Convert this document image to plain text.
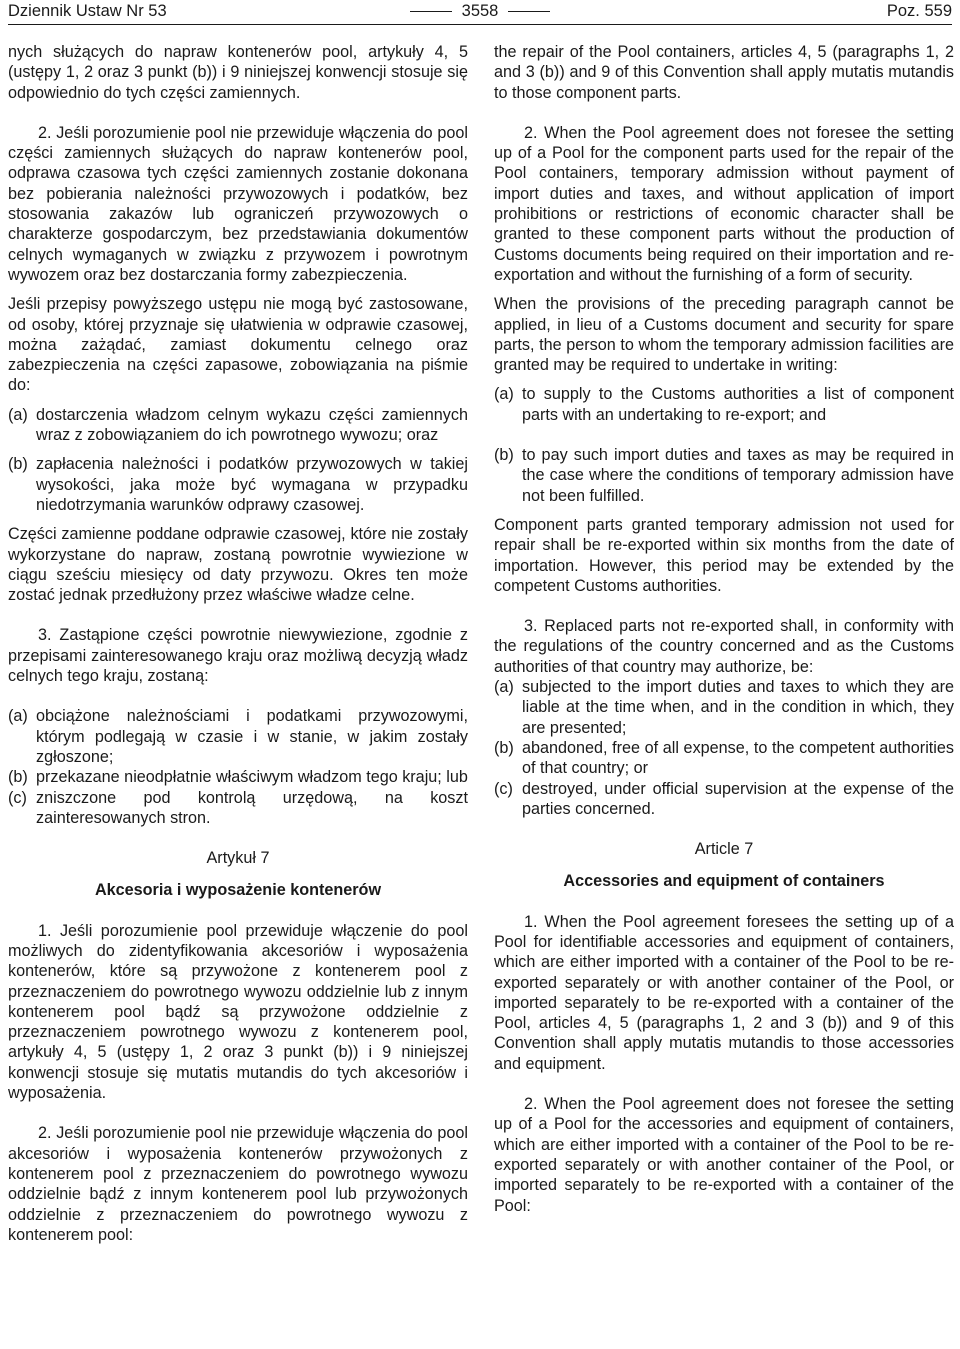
Dziennik Ustaw Nr 53	3558	Poz. 559

nych służących do napraw kontenerów pool, artykuły 4, 5 (ustępy 1, 2 oraz 3 punkt (b)) i 9 niniejszej konwencji stosuje się odpowiednio do tych części zamiennych.

2. Jeśli porozumienie pool nie przewiduje włączenia do pool części zamiennych służących do napraw kontenerów pool, odprawa czasowa tych części zamiennych zostanie dokonana bez pobierania należności przywozowych i podatków, bez stosowania zakazów lub ograniczeń przywozowych o charakterze gospodarczym, bez przedstawiania dokumentów celnych wymaganych w związku z przywozem i powrotnym wywozem oraz bez dostarczania formy zabezpieczenia.

Jeśli przepisy powyższego ustępu nie mogą być zastosowane, od osoby, której przyznaje się ułatwienia w odprawie czasowej, można zażądać, zamiast dokumentu celnego oraz zabezpieczenia na części zapasowe, zobowiązania na piśmie do:

(a) dostarczenia władzom celnym wykazu części zamiennych wraz z zobowiązaniem do ich powrotnego wywozu; oraz
(b) zapłacenia należności i podatków przywozowych w takiej wysokości, jaka może być wymagana w przypadku niedotrzymania warunków odprawy czasowej.

Części zamienne poddane odprawie czasowej, które nie zostały wykorzystane do napraw, zostaną powrotnie wywiezione w ciągu sześciu miesięcy od daty przywozu. Okres ten może zostać jednak przedłużony przez właściwe władze celne.

3. Zastąpione części powrotnie niewywiezione, zgodnie z przepisami zainteresowanego kraju oraz możliwą decyzją władz celnych tego kraju, zostaną:

(a) obciążone należnościami i podatkami przywozowymi, którym podlegają w czasie i w stanie, w jakim zostały zgłoszone;
(b) przekazane nieodpłatnie właściwym władzom tego kraju; lub
(c) zniszczone pod kontrolą urzędową, na koszt zainteresowanych stron.

Artykuł 7

Akcesoria i wyposażenie kontenerów

1. Jeśli porozumienie pool przewiduje włączenie do pool możliwych do zidentyfikowania akcesoriów i wyposażenia kontenerów, które są przywożone z kontenerem pool z przeznaczeniem do powrotnego wywozu oddzielnie lub z innym kontenerem pool bądź są przywożone oddzielnie z przeznaczeniem powrotnego wywozu z kontenerem pool, artykuły 4, 5 (ustępy 1, 2 oraz 3 punkt (b)) i 9 niniejszej konwencji stosuje się mutatis mutandis do tych akcesoriów i wyposażenia.

2. Jeśli porozumienie pool nie przewiduje włączenia do pool akcesoriów i wyposażenia kontenerów przywożonych z kontenerem pool z przeznaczeniem do powrotnego wywozu oddzielnie bądź z innym kontenerem pool lub przywożonych oddzielnie z przeznaczeniem do powrotnego wywozu z kontenerem pool:

the repair of the Pool containers, articles 4, 5 (paragraphs 1, 2 and 3 (b)) and 9 of this Convention shall apply mutatis mutandis to those component parts.

2. When the Pool agreement does not foresee the setting up of a Pool for the component parts used for the repair of the Pool containers, temporary admission without payment of import duties and taxes, and without application of import prohibitions or restrictions of economic character shall be granted to these component parts without the production of Customs documents being required on their importation and re-exportation and without the furnishing of a form of security.

When the provisions of the preceding paragraph cannot be applied, in lieu of a Customs document and security for spare parts, the person to whom the temporary admission facilities are granted may be required to undertake in writing:

(a) to supply to the Customs authorities a list of component parts with an undertaking to re-export; and
(b) to pay such import duties and taxes as may be required in the case where the conditions of temporary admission have not been fulfilled.

Component parts granted temporary admission not used for repair shall be re-exported within six months from the date of importation. However, this period may be extended by the competent Customs authorities.

3. Replaced parts not re-exported shall, in conformity with the regulations of the country concerned and as the Customs authorities of that country may authorize, be:

(a) subjected to the import duties and taxes to which they are liable at the time when, and in the condition in which, they are presented;
(b) abandoned, free of all expense, to the competent authorities of that country; or
(c) destroyed, under official supervision at the expense of the parties concerned.

Article 7

Accessories and equipment of containers

1. When the Pool agreement foresees the setting up of a Pool for identifiable accessories and equipment of containers, which are either imported with a container of the Pool to be re-exported separately or with another container of the Pool, or imported separately to be re-exported with a container of the Pool, articles 4, 5 (paragraphs 1, 2 and 3 (b)) and 9 of this Convention shall apply mutatis mutandis to those accessories and equipment.

2. When the Pool agreement does not foresee the setting up of a Pool for the accessories and equipment of containers, which are either imported with a container of the Pool to be re-exported separately or with another container of the Pool, or imported separately to be re-exported with a container of the Pool:
